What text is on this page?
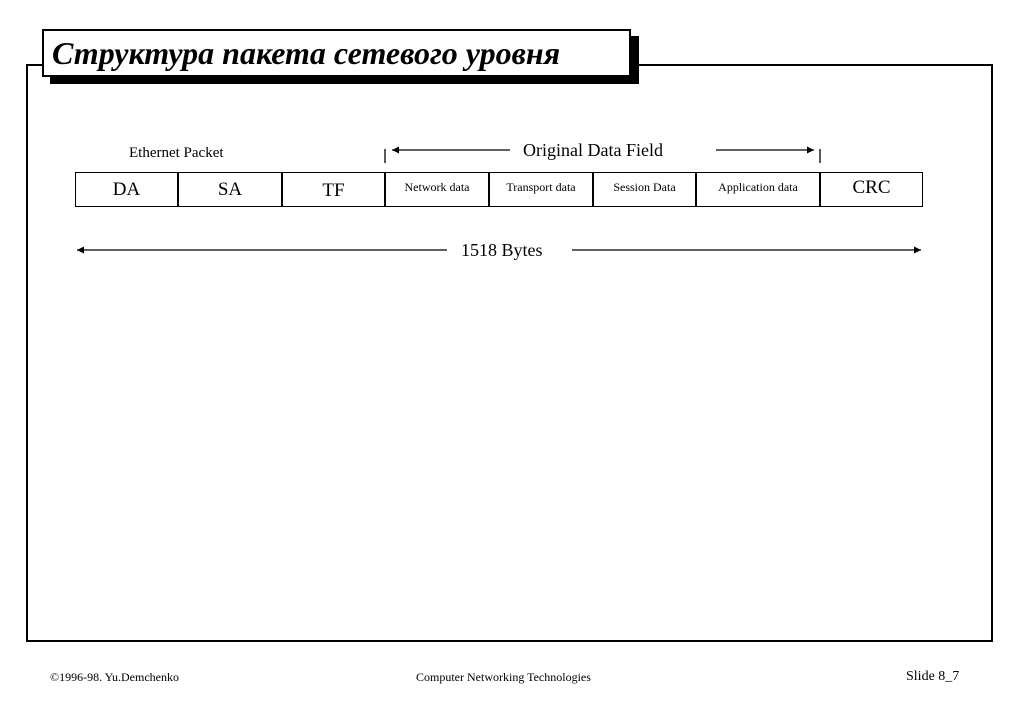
Структура пакета сетевого уровня
Ethernet Packet	Original Data Field
DA	SA	TF	Network data	Transport data	Session Data	Application data	CRC
1518 Bytes
©1996-98. Yu.Demchenko	Computer Networking Technologies	Slide 8_7
